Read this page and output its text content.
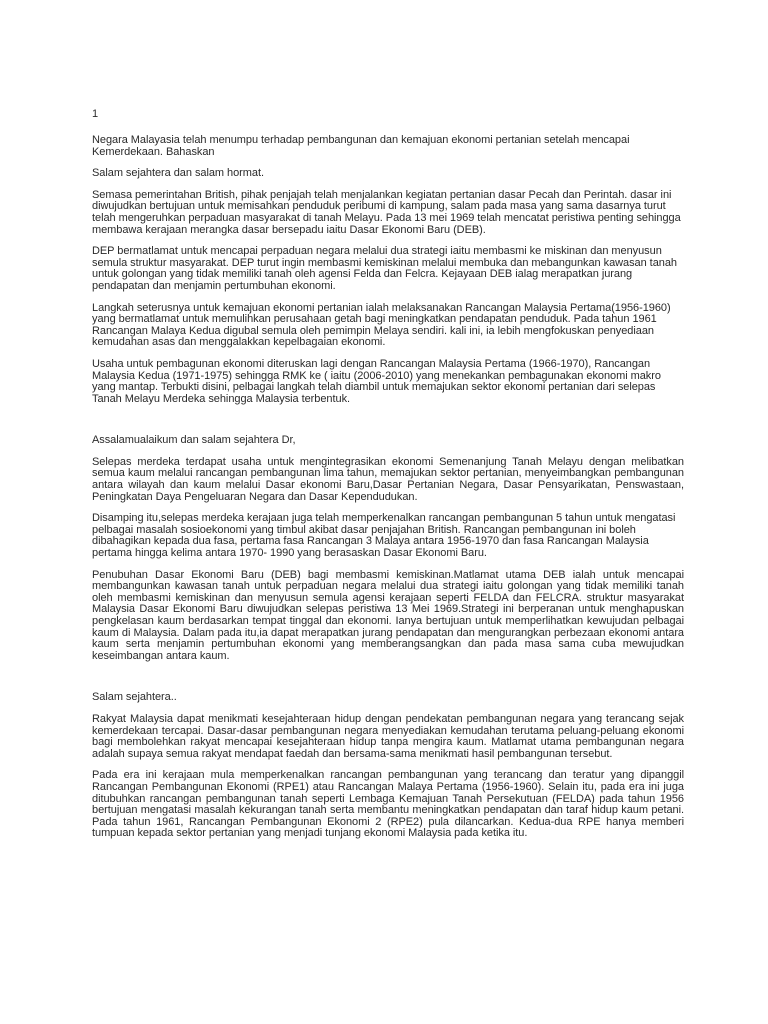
1

Negara Malayasia telah menumpu terhadap pembangunan dan kemajuan ekonomi pertanian setelah mencapai Kemerdekaan. Bahaskan

Salam sejahtera dan salam hormat.

Semasa pemerintahan British, pihak penjajah telah menjalankan kegiatan pertanian dasar Pecah dan Perintah. dasar ini diwujudkan bertujuan untuk memisahkan penduduk peribumi di kampung, salam pada masa yang sama dasarnya turut telah mengeruhkan perpaduan masyarakat di tanah Melayu. Pada 13 mei 1969 telah mencatat peristiwa penting sehingga membawa kerajaan merangka dasar bersepadu iaitu Dasar Ekonomi Baru (DEB).

DEP bermatlamat untuk mencapai perpaduan negara melalui dua strategi iaitu membasmi ke miskinan dan menyusun semula struktur masyarakat. DEP turut ingin membasmi kemiskinan melalui membuka dan mebangunkan kawasan tanah untuk golongan yang tidak memiliki tanah oleh agensi Felda dan Felcra. Kejayaan DEB ialag merapatkan jurang pendapatan dan menjamin pertumbuhan ekonomi.

Langkah seterusnya untuk kemajuan ekonomi pertanian ialah melaksanakan Rancangan Malaysia Pertama(1956-1960) yang bermatlamat untuk memulihkan perusahaan getah bagi meningkatkan pendapatan penduduk. Pada tahun 1961 Rancangan Malaya Kedua digubal semula oleh pemimpin Melaya sendiri. kali ini, ia lebih mengfokuskan penyediaan kemudahan asas dan menggalakkan kepelbagaian ekonomi.

Usaha untuk pembagunan ekonomi diteruskan lagi dengan Rancangan Malaysia Pertama (1966-1970), Rancangan Malaysia Kedua (1971-1975) sehingga RMK ke ( iaitu (2006-2010) yang menekankan pembagunakan ekonomi makro yang mantap. Terbukti disini, pelbagai langkah telah diambil untuk memajukan sektor ekonomi pertanian dari selepas Tanah Melayu Merdeka sehingga Malaysia terbentuk.

Assalamualaikum dan salam sejahtera Dr,

Selepas merdeka terdapat usaha untuk mengintegrasikan ekonomi Semenanjung Tanah Melayu dengan melibatkan semua kaum melalui rancangan pembangunan lima tahun, memajukan sektor pertanian, menyeimbangkan pembangunan antara wilayah dan kaum melalui Dasar ekonomi Baru,Dasar Pertanian Negara, Dasar Pensyarikatan, Penswastaan, Peningkatan Daya Pengeluaran Negara dan Dasar Kependudukan.

Disamping itu,selepas merdeka kerajaan juga telah memperkenalkan rancangan pembangunan 5 tahun untuk mengatasi pelbagai masalah sosioekonomi yang timbul akibat dasar penjajahan British. Rancangan pembangunan ini boleh dibahagikan kepada dua fasa, pertama fasa Rancangan 3 Malaya antara 1956-1970 dan fasa Rancangan Malaysia pertama hingga kelima antara 1970- 1990 yang berasaskan Dasar Ekonomi Baru.

Penubuhan Dasar Ekonomi Baru (DEB) bagi membasmi kemiskinan.Matlamat utama DEB ialah untuk mencapai membangunkan kawasan tanah untuk perpaduan negara melalui dua strategi iaitu golongan yang tidak memiliki tanah oleh membasmi kemiskinan dan menyusun semula agensi kerajaan seperti FELDA dan FELCRA. struktur masyarakat Malaysia Dasar Ekonomi Baru diwujudkan selepas peristiwa 13 Mei 1969.Strategi ini berperanan untuk menghapuskan pengkelasan kaum berdasarkan tempat tinggal dan ekonomi. Ianya bertujuan untuk memperlihatkan kewujudan pelbagai kaum di Malaysia. Dalam pada itu,ia dapat merapatkan jurang pendapatan dan mengurangkan perbezaan ekonomi antara kaum serta menjamin pertumbuhan ekonomi yang memberangsangkan dan pada masa sama cuba mewujudkan keseimbangan antara kaum.

Salam sejahtera..

Rakyat Malaysia dapat menikmati kesejahteraan hidup dengan pendekatan pembangunan negara yang terancang sejak kemerdekaan tercapai. Dasar-dasar pembangunan negara menyediakan kemudahan terutama peluang-peluang ekonomi bagi membolehkan rakyat mencapai kesejahteraan hidup tanpa mengira kaum. Matlamat utama pembangunan negara adalah supaya semua rakyat mendapat faedah dan bersama-sama menikmati hasil pembangunan tersebut.

Pada era ini kerajaan mula memperkenalkan rancangan pembangunan yang terancang dan teratur yang dipanggil Rancangan Pembangunan Ekonomi (RPE1) atau Rancangan Malaya Pertama (1956-1960). Selain itu, pada era ini juga ditubuhkan rancangan pembangunan tanah seperti Lembaga Kemajuan Tanah Persekutuan (FELDA) pada tahun 1956 bertujuan mengatasi masalah kekurangan tanah serta membantu meningkatkan pendapatan dan taraf hidup kaum petani. Pada tahun 1961, Rancangan Pembangunan Ekonomi 2 (RPE2) pula dilancarkan. Kedua-dua RPE hanya memberi tumpuan kepada sektor pertanian yang menjadi tunjang ekonomi Malaysia pada ketika itu.
